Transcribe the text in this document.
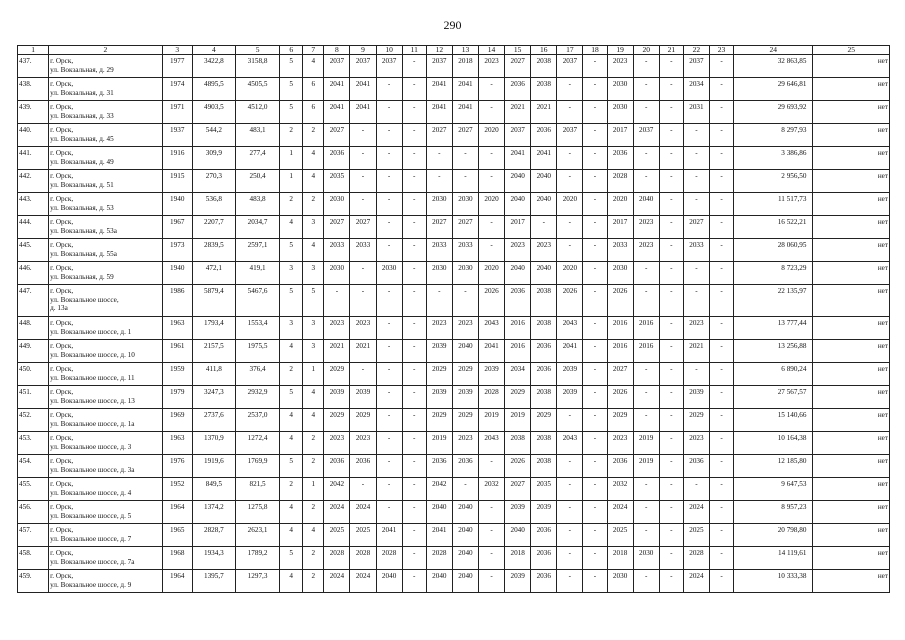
290
1	2	3	4	5	6	7	8	9	10	11	12	13	14	15	16	17	18	19	20	21	22	23	24	25
437.	г. Орск,
ул. Вокзальная, д. 29	1977	3422,8	3158,8	5	4	2037	2037	2037	-	2037	2018	2023	2027	2038	2037	-	2023	-	-	2037	-	32 863,85	нет
438.	г. Орск,
ул. Вокзальная, д. 31	1974	4895,5	4505,5	5	6	2041	2041	-	-	2041	2041	-	2036	2038	-	-	2030	-	-	2034	-	29 646,81	нет
439.	г. Орск,
ул. Вокзальная, д. 33	1971	4903,5	4512,0	5	6	2041	2041	-	-	2041	2041	-	2021	2021	-	-	2030	-	-	2031	-	29 693,92	нет
440.	г. Орск,
ул. Вокзальная, д. 45	1937	544,2	483,1	2	2	2027	-	-	-	2027	2027	2020	2037	2036	2037	-	2017	2037	-	-	-	8 297,93	нет
441.	г. Орск,
ул. Вокзальная, д. 49	1916	309,9	277,4	1	4	2036	-	-	-	-	-	-	2041	2041	-	-	2036	-	-	-	-	3 386,86	нет
442.	г. Орск,
ул. Вокзальная, д. 51	1915	270,3	250,4	1	4	2035	-	-	-	-	-	-	2040	2040	-	-	2028	-	-	-	-	2 956,50	нет
443.	г. Орск,
ул. Вокзальная, д. 53	1940	536,8	483,8	2	2	2030	-	-	-	2030	2030	2020	2040	2040	2020	-	2020	2040	-	-	-	11 517,73	нет
444.	г. Орск,
ул. Вокзальная, д. 53а	1967	2207,7	2034,7	4	3	2027	2027	-	-	2027	2027	-	2017	-	-	-	2017	2023	-	2027	-	16 522,21	нет
445.	г. Орск,
ул. Вокзальная, д. 55а	1973	2839,5	2597,1	5	4	2033	2033	-	-	2033	2033	-	2023	2023	-	-	2033	2023	-	2033	-	28 060,95	нет
446.	г. Орск,
ул. Вокзальная, д. 59	1940	472,1	419,1	3	3	2030	-	2030	-	2030	2030	2020	2040	2040	2020	-	2030	-	-	-	-	8 723,29	нет
447.	г. Орск,
ул. Вокзальное шоссе,
д. 13а	1986	5879,4	5467,6	5	5	-	-	-	-	-	-	2026	2036	2038	2026	-	2026	-	-	-	-	22 135,97	нет
448.	г. Орск,
ул. Вокзальное шоссе, д. 1	1963	1793,4	1553,4	3	3	2023	2023	-	-	2023	2023	2043	2016	2038	2043	-	2016	2016	-	2023	-	13 777,44	нет
449.	г. Орск,
ул. Вокзальное шоссе, д. 10	1961	2157,5	1975,5	4	3	2021	2021	-	-	2039	2040	2041	2016	2036	2041	-	2016	2016	-	2021	-	13 256,88	нет
450.	г. Орск,
ул. Вокзальное шоссе, д. 11	1959	411,8	376,4	2	1	2029	-	-	-	2029	2029	2039	2034	2036	2039	-	2027	-	-	-	-	6 890,24	нет
451.	г. Орск,
ул. Вокзальное шоссе, д. 13	1979	3247,3	2932,9	5	4	2039	2039	-	-	2039	2039	2028	2029	2038	2039	-	2026	-	-	2039	-	27 567,57	нет
452.	г. Орск,
ул. Вокзальное шоссе, д. 1а	1969	2737,6	2537,0	4	4	2029	2029	-	-	2029	2029	2019	2019	2029	-	-	2029	-	-	2029	-	15 140,66	нет
453.	г. Орск,
ул. Вокзальное шоссе, д. 3	1963	1370,9	1272,4	4	2	2023	2023	-	-	2019	2023	2043	2038	2038	2043	-	2023	2019	-	2023	-	10 164,38	нет
454.	г. Орск,
ул. Вокзальное шоссе, д. 3а	1976	1919,6	1769,9	5	2	2036	2036	-	-	2036	2036	-	2026	2038	-	-	2036	2019	-	2036	-	12 185,80	нет
455.	г. Орск,
ул. Вокзальное шоссе, д. 4	1952	849,5	821,5	2	1	2042	-	-	-	2042	-	2032	2027	2035	-	-	2032	-	-	-	-	9 647,53	нет
456.	г. Орск,
ул. Вокзальное шоссе, д. 5	1964	1374,2	1275,8	4	2	2024	2024	-	-	2040	2040	-	2039	2039	-	-	2024	-	-	2024	-	8 957,23	нет
457.	г. Орск,
ул. Вокзальное шоссе, д. 7	1965	2828,7	2623,1	4	4	2025	2025	2041	-	2041	2040	-	2040	2036	-	-	2025	-	-	2025	-	20 798,80	нет
458.	г. Орск,
ул. Вокзальное шоссе, д. 7а	1968	1934,3	1789,2	5	2	2028	2028	2028	-	2028	2040	-	2018	2036	-	-	2018	2030	-	2028	-	14 119,61	нет
459.	г. Орск,
ул. Вокзальное шоссе, д. 9	1964	1395,7	1297,3	4	2	2024	2024	2040	-	2040	2040	-	2039	2036	-	-	2030	-	-	2024	-	10 333,38	нет
